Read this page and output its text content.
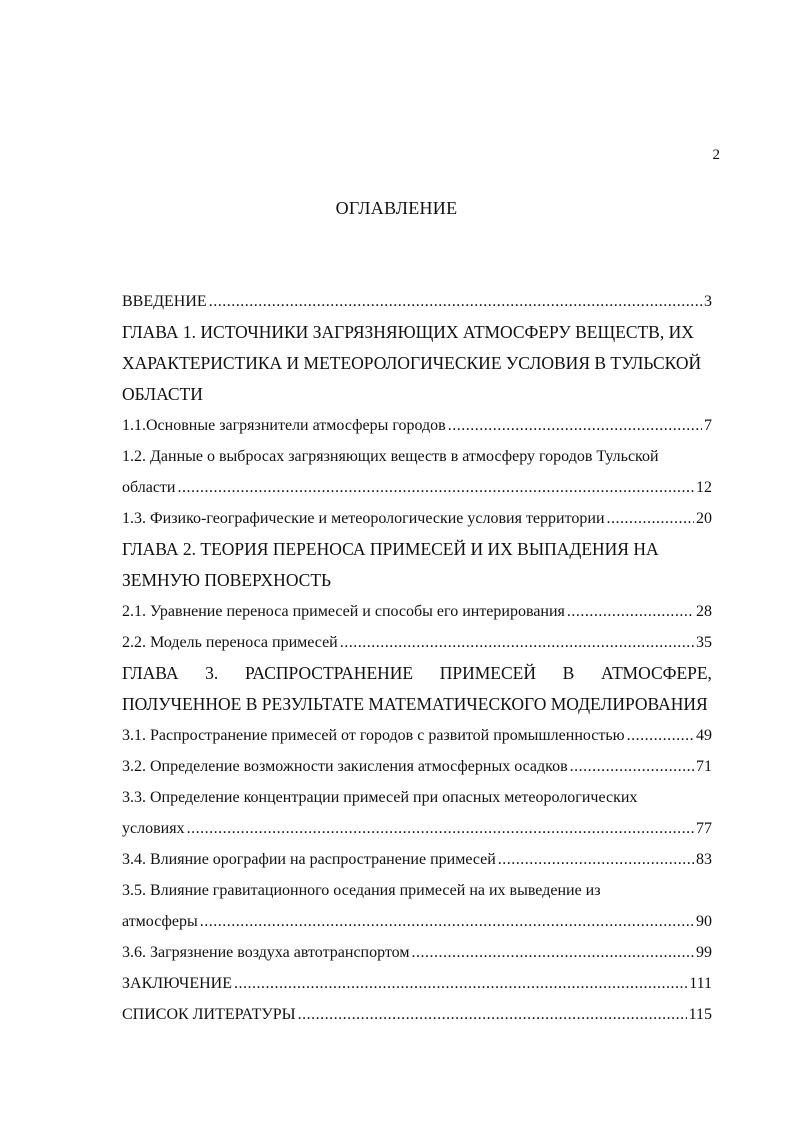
2
ОГЛАВЛЕНИЕ
ВВЕДЕНИЕ .....	3
ГЛАВА 1. ИСТОЧНИКИ ЗАГРЯЗНЯЮЩИХ АТМОСФЕРУ ВЕЩЕСТВ, ИХ
ХАРАКТЕРИСТИКА И МЕТЕОРОЛОГИЧЕСКИЕ УСЛОВИЯ В ТУЛЬСКОЙ
ОБЛАСТИ
1.1.Основные загрязнители атмосферы городов .....	7
1.2. Данные о выбросах загрязняющих веществ в атмосферу городов Тульской
области .....	12
1.3. Физико-географические и метеорологические условия территории .....	20
ГЛАВА 2. ТЕОРИЯ ПЕРЕНОСА ПРИМЕСЕЙ И ИХ ВЫПАДЕНИЯ НА
ЗЕМНУЮ ПОВЕРХНОСТЬ
2.1. Уравнение переноса примесей и способы его интерирования .....	28
2.2. Модель переноса примесей .....	35
ГЛАВА 3. РАСПРОСТРАНЕНИЕ ПРИМЕСЕЙ В АТМОСФЕРЕ,
ПОЛУЧЕННОЕ В РЕЗУЛЬТАТЕ МАТЕМАТИЧЕСКОГО МОДЕЛИРОВАНИЯ
3.1. Распространение примесей от городов с развитой промышленностью .....	49
3.2. Определение возможности закисления атмосферных осадков .....	71
3.3. Определение концентрации примесей при опасных метеорологических
условиях .....	77
3.4. Влияние орографии на распространение примесей .....	83
3.5. Влияние гравитационного оседания примесей на их выведение из
атмосферы .....	90
3.6. Загрязнение воздуха автотранспортом .....	99
ЗАКЛЮЧЕНИЕ .....	111
СПИСОК ЛИТЕРАТУРЫ .....	115
